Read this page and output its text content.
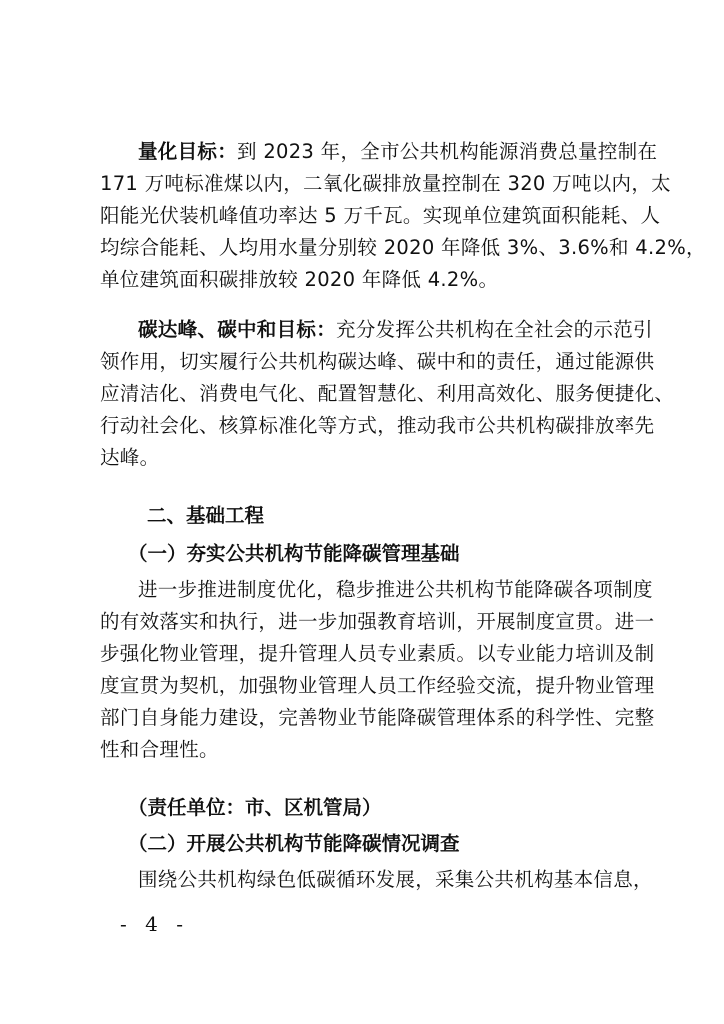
量化目标：到 2023 年，全市公共机构能源消费总量控制在
171 万吨标准煤以内，二氧化碳排放量控制在 320 万吨以内，太
阳能光伏装机峰值功率达 5 万千瓦。实现单位建筑面积能耗、人
均综合能耗、人均用水量分别较 2020 年降低 3%、3.6%和 4.2%，
单位建筑面积碳排放较 2020 年降低 4.2%。
碳达峰、碳中和目标：充分发挥公共机构在全社会的示范引
领作用，切实履行公共机构碳达峰、碳中和的责任，通过能源供
应清洁化、消费电气化、配置智慧化、利用高效化、服务便捷化、
行动社会化、核算标准化等方式，推动我市公共机构碳排放率先
达峰。
二、基础工程
（一）夯实公共机构节能降碳管理基础
进一步推进制度优化，稳步推进公共机构节能降碳各项制度
的有效落实和执行，进一步加强教育培训，开展制度宣贯。进一
步强化物业管理，提升管理人员专业素质。以专业能力培训及制
度宣贯为契机，加强物业管理人员工作经验交流，提升物业管理
部门自身能力建设，完善物业节能降碳管理体系的科学性、完整
性和合理性。
（责任单位：市、区机管局）
（二）开展公共机构节能降碳情况调查
围绕公共机构绿色低碳循环发展，采集公共机构基本信息，
- 4 -
